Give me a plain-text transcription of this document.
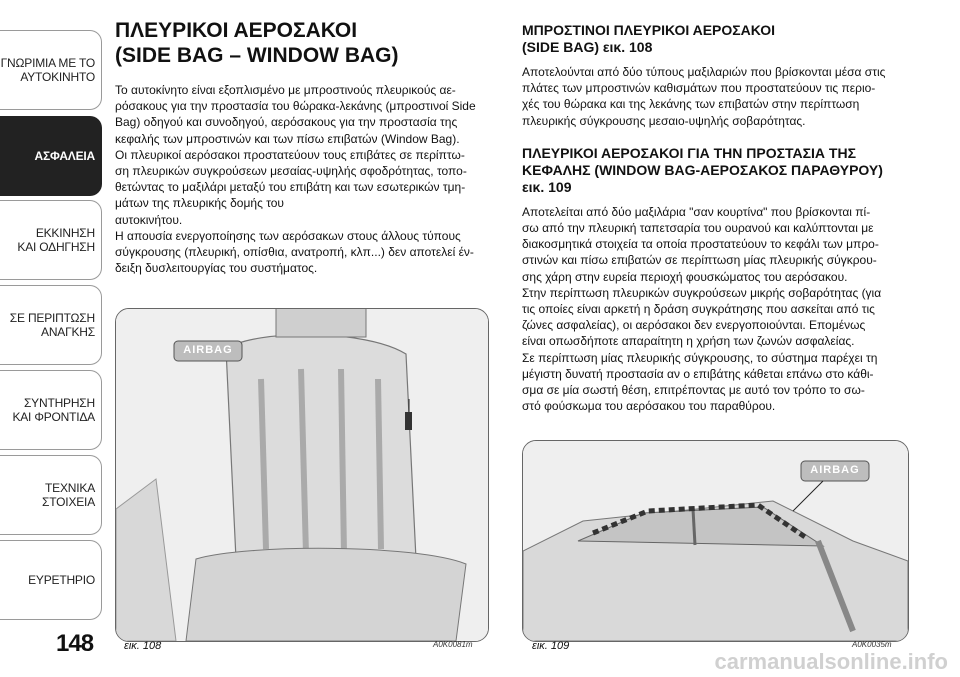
ΓΝΩΡΙΜΙΑ ΜΕ ΤΟ
ΑΥΤΟΚΙΝΗΤΟ
ΑΣΦΑΛΕΙΑ
ΕΚΚΙΝΗΣΗ
ΚΑΙ ΟΔΗΓΗΣΗ
ΣΕ ΠΕΡΙΠΤΩΣΗ
ΑΝΑΓΚΗΣ
ΣΥΝΤΗΡΗΣΗ
ΚΑΙ ΦΡΟΝΤΙΔΑ
ΤΕΧΝΙΚΑ
ΣΤΟΙΧΕΙΑ
ΕΥΡΕΤΗΡΙΟ
148
ΠΛΕΥΡΙΚΟΙ ΑΕΡΟΣΑΚΟΙ
(SIDE BAG – WINDOW BAG)

Το αυτοκίνητο είναι εξοπλισμένο με μπροστινούς πλευρικούς αε-
ρόσακους για την προστασία του θώρακα-λεκάνης (μπροστινοί Side
Bag) οδηγού και συνοδηγού, αερόσακους για την προστασία της
κεφαλής των μπροστινών και των πίσω επιβατών (Window Bag).
Οι πλευρικοί αερόσακοι προστατεύουν τους επιβάτες σε περίπτω-
ση πλευρικών συγκρούσεων μεσαίας-υψηλής σφοδρότητας, τοπο-
θετώντας το μαξιλάρι μεταξύ του επιβάτη και των εσωτερικών τμη-
μάτων της πλευρικής δομής του
αυτοκινήτου.
Η απουσία ενεργοποίησης των αερόσακων στους άλλους τύπους
σύγκρουσης (πλευρική, οπίσθια, ανατροπή, κλπ...) δεν αποτελεί έν-
δειξη δυσλειτουργίας του συστήματος.

AIRBAG
εικ. 108	A0K0081m
ΜΠΡΟΣΤΙΝΟΙ ΠΛΕΥΡΙΚΟΙ ΑΕΡΟΣΑΚΟΙ
(SIDE BAG) εικ. 108

Αποτελούνται από δύο τύπους μαξιλαριών που βρίσκονται μέσα στις
πλάτες των μπροστινών καθισμάτων που προστατεύουν τις περιο-
χές του θώρακα και της λεκάνης των επιβατών στην περίπτωση
πλευρικής σύγκρουσης μεσαιο-υψηλής σοβαρότητας.

ΠΛΕΥΡΙΚΟΙ ΑΕΡΟΣΑΚΟΙ ΓΙΑ ΤΗΝ ΠΡΟΣΤΑΣΙΑ ΤΗΣ
ΚΕΦΑΛΗΣ (WINDOW BAG-ΑΕΡΟΣΑΚΟΣ ΠΑΡΑΘΥΡΟΥ)
εικ. 109

Αποτελείται από δύο μαξιλάρια "σαν κουρτίνα" που βρίσκονται πί-
σω από την πλευρική ταπετσαρία του ουρανού και καλύπτονται με
διακοσμητικά στοιχεία τα οποία προστατεύουν το κεφάλι των μπρο-
στινών και πίσω επιβατών σε περίπτωση μίας πλευρικής σύγκρου-
σης χάρη στην ευρεία περιοχή φουσκώματος του αερόσακου.
Στην περίπτωση πλευρικών συγκρούσεων μικρής σοβαρότητας (για
τις οποίες είναι αρκετή η δράση συγκράτησης που ασκείται από τις
ζώνες ασφαλείας), οι αερόσακοι δεν ενεργοποιούνται. Επομένως
είναι οπωσδήποτε απαραίτητη η χρήση των ζωνών ασφαλείας.
Σε περίπτωση μίας πλευρικής σύγκρουσης, το σύστημα παρέχει τη
μέγιστη δυνατή προστασία αν ο επιβάτης κάθεται επάνω στο κάθι-
σμα σε μία σωστή θέση, επιτρέποντας με αυτό τον τρόπο το σω-
στό φούσκωμα του αερόσακου του παραθύρου.

AIRBAG
εικ. 109	A0K0035m
carmanualsonline.info
